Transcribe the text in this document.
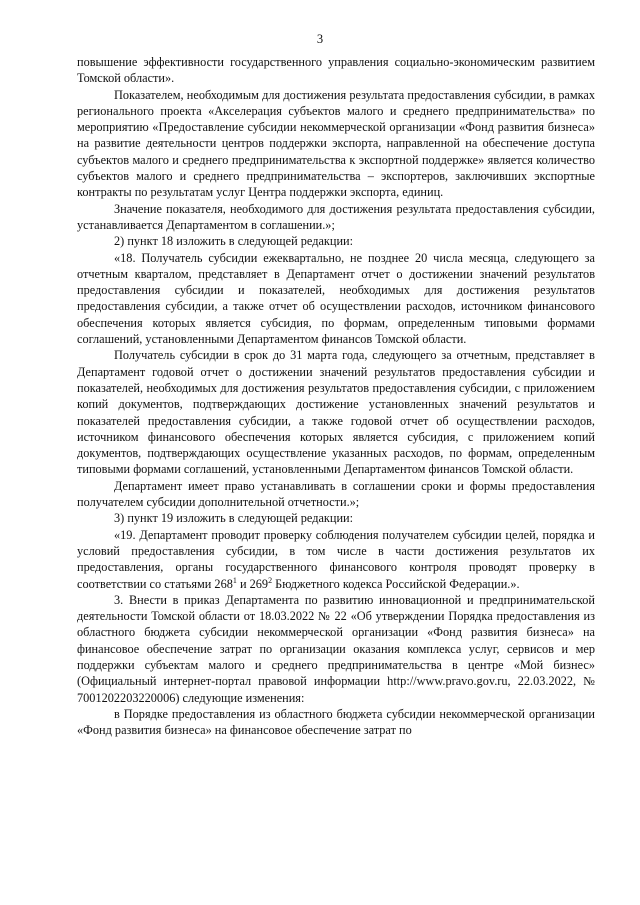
3

повышение эффективности государственного управления социально-экономическим развитием Томской области».

Показателем, необходимым для достижения результата предоставления субсидии, в рамках регионального проекта «Акселерация субъектов малого и среднего предпринимательства» по мероприятию «Предоставление субсидии некоммерческой организации «Фонд развития бизнеса» на развитие деятельности центров поддержки экспорта, направленной на обеспечение доступа субъектов малого и среднего предпринимательства к экспортной поддержке» является количество субъектов малого и среднего предпринимательства – экспортеров, заключивших экспортные контракты по результатам услуг Центра поддержки экспорта, единиц.

Значение показателя, необходимого для достижения результата предоставления субсидии, устанавливается Департаментом в соглашении.»;

2) пункт 18 изложить в следующей редакции:

«18. Получатель субсидии ежеквартально, не позднее 20 числа месяца, следующего за отчетным кварталом, представляет в Департамент отчет о достижении значений результатов предоставления субсидии и показателей, необходимых для достижения результатов предоставления субсидии, а также отчет об осуществлении расходов, источником финансового обеспечения которых является субсидия, по формам, определенным типовыми формами соглашений, установленными Департаментом финансов Томской области.

Получатель субсидии в срок до 31 марта года, следующего за отчетным, представляет в Департамент годовой отчет о достижении значений результатов предоставления субсидии и показателей, необходимых для достижения результатов предоставления субсидии, с приложением копий документов, подтверждающих достижение установленных значений результатов и показателей предоставления субсидии, а также годовой отчет об осуществлении расходов, источником финансового обеспечения которых является субсидия, с приложением копий документов, подтверждающих осуществление указанных расходов, по формам, определенным типовыми формами соглашений, установленными Департаментом финансов Томской области.

Департамент имеет право устанавливать в соглашении сроки и формы предоставления получателем субсидии дополнительной отчетности.»;

3) пункт 19 изложить в следующей редакции:

«19. Департамент проводит проверку соблюдения получателем субсидии целей, порядка и условий предоставления субсидии, в том числе в части достижения результатов их предоставления, органы государственного финансового контроля проводят проверку в соответствии со статьями $268^1$ и $269^2$ Бюджетного кодекса Российской Федерации.».

3. Внести в приказ Департамента по развитию инновационной и предпринимательской деятельности Томской области от 18.03.2022 № 22 «Об утверждении Порядка предоставления из областного бюджета субсидии некоммерческой организации «Фонд развития бизнеса» на финансовое обеспечение затрат по организации оказания комплекса услуг, сервисов и мер поддержки субъектам малого и среднего предпринимательства в центре «Мой бизнес» (Официальный интернет-портал правовой информации http://www.pravo.gov.ru, 22.03.2022, № 7001202203220006) следующие изменения:

в Порядке предоставления из областного бюджета субсидии некоммерческой организации «Фонд развития бизнеса» на финансовое обеспечение затрат по
